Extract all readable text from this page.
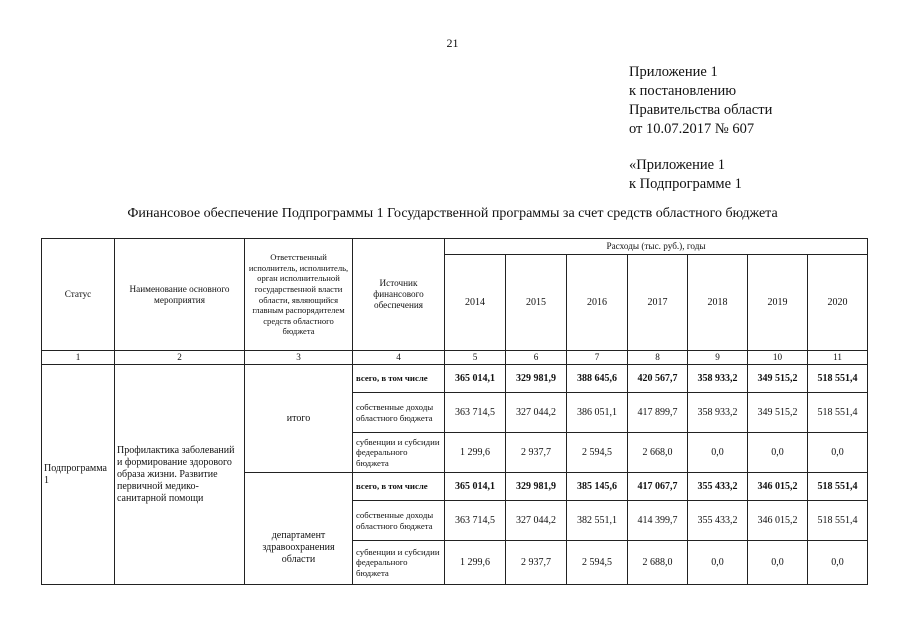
21
Приложение 1
к постановлению
Правительства области
от 10.07.2017 № 607
«Приложение 1
к Подпрограмме 1
Финансовое обеспечение Подпрограммы 1 Государственной программы за счет средств областного бюджета
Статус	Наименование основного мероприятия	Ответственный исполнитель, исполнитель, орган исполнительной государственной власти области, являющийся главным распорядителем средств областного бюджета	Источник финансового обеспечения	Расходы (тыс. руб.), годы						
				2014	2015	2016	2017	2018	2019	2020
1	2	3	4	5	6	7	8	9	10	11
Подпрограмма 1	Профилактика заболеваний и формирование здорового образа жизни. Развитие первичной медико-санитарной помощи	итого	всего, в том числе	365 014,1	329 981,9	388 645,6	420 567,7	358 933,2	349 515,2	518 551,4
			собственные доходы областного бюджета	363 714,5	327 044,2	386 051,1	417 899,7	358 933,2	349 515,2	518 551,4
			субвенции и субсидии федерального бюджета	1 299,6	2 937,7	2 594,5	2 668,0	0,0	0,0	0,0
		департамент здравоохранения области	всего, в том числе	365 014,1	329 981,9	385 145,6	417 067,7	355 433,2	346 015,2	518 551,4
			собственные доходы областного бюджета	363 714,5	327 044,2	382 551,1	414 399,7	355 433,2	346 015,2	518 551,4
			субвенции и субсидии федерального бюджета	1 299,6	2 937,7	2 594,5	2 688,0	0,0	0,0	0,0
